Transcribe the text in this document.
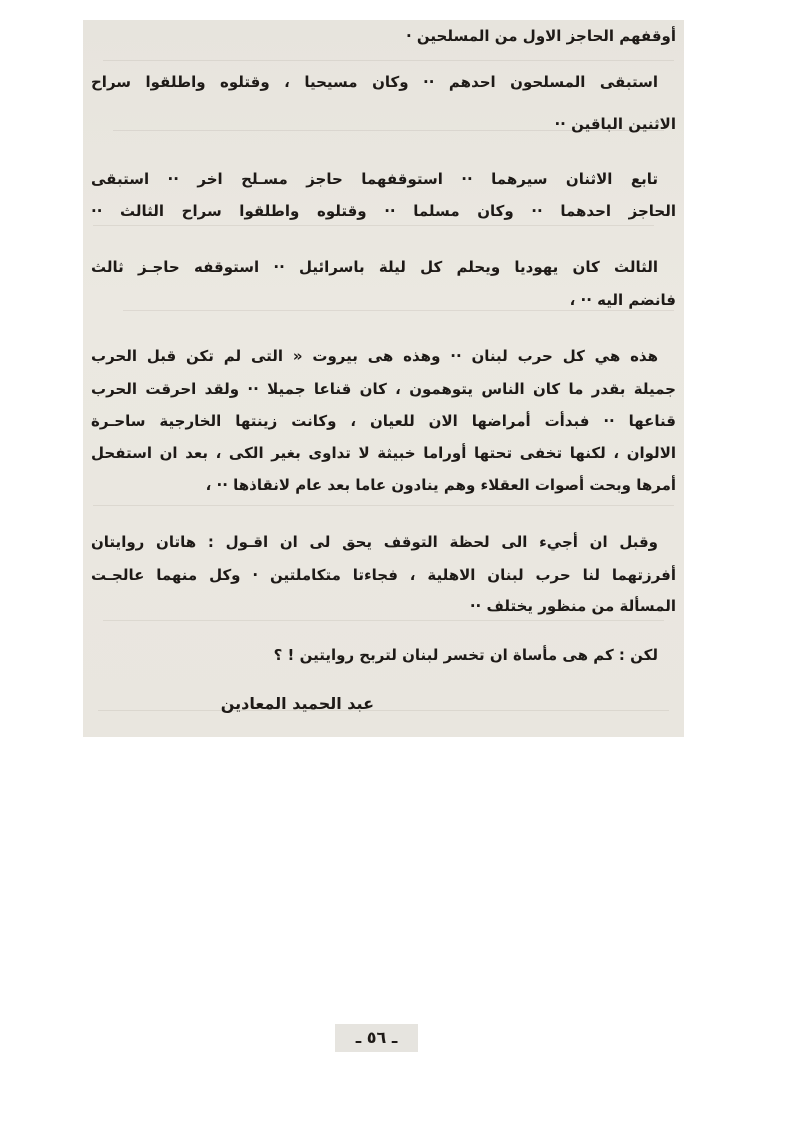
أوقفهم الحاجز الاول من المسلحين ·
استبقى المسلحون احدهم ·· وكان مسيحيا ، وقتلوه واطلقوا سراح
الاثنين الباقين ··
تابع الاثنان سيرهما ·· استوقفهما حاجز مسـلح اخر ·· استبقى
الحاجز احدهما ·· وكان مسلما ·· وقتلوه واطلقوا سراح الثالث ··
الثالث كان يهوديا ويحلم كل ليلة باسرائيل ·· استوقفه حاجـز ثالث
فانضم اليه ·· ،
هذه هي كل حرب لبنان ·· وهذه هى بيروت « التى لم تكن قبل الحرب
جميلة بقدر ما كان الناس يتوهمون ، كان قناعا جميلا ·· ولقد احرقت الحرب
قناعها ·· فبدأت أمراضها الان للعيان ، وكانت زينتها الخارجية ساحـرة
الالوان ، لكنها تخفى تحتها أوراما خبيثة لا تداوى بغير الكى ، بعد ان استفحل
أمرها وبحت أصوات العقلاء وهم ينادون عاما بعد عام لانقاذها ·· ،
وقبل ان أجيء الى لحظة التوقف يحق لى ان اقـول : هاتان روايتان
أفرزتهما لنا حرب لبنان الاهلية ، فجاءتا متكاملتين · وكل منهما عالجـت
المسألة من منظور يختلف ··
لكن : كم هى مأساة ان تخسر لبنان لتربح روايتين ! ؟
عبد الحميد المعادين
ـ ٥٦ ـ
